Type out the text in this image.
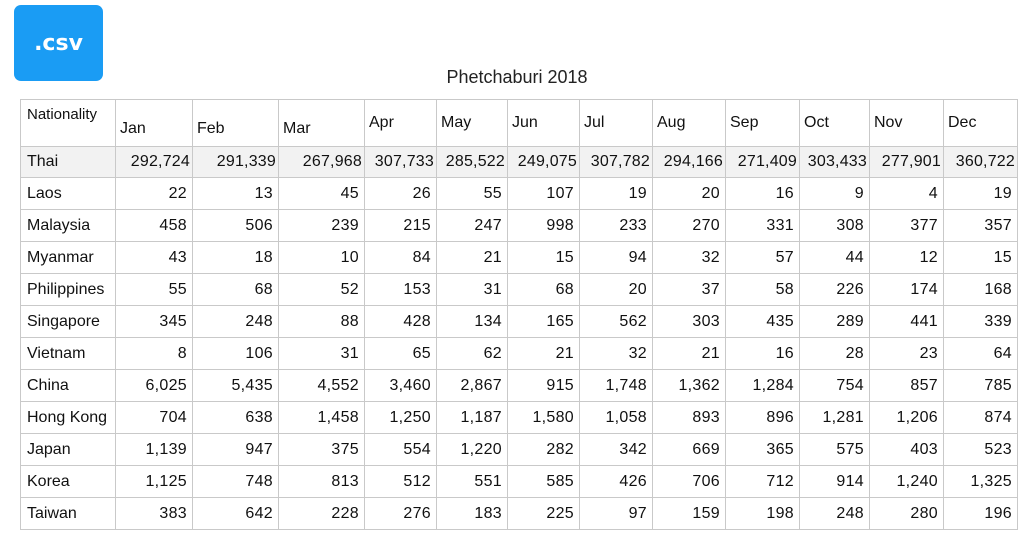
.csv
Phetchaburi 2018
Nationality	Jan	Feb	Mar	Apr	May	Jun	Jul	Aug	Sep	Oct	Nov	Dec
Thai	292,724	291,339	267,968	307,733	285,522	249,075	307,782	294,166	271,409	303,433	277,901	360,722
Laos	22	13	45	26	55	107	19	20	16	9	4	19
Malaysia	458	506	239	215	247	998	233	270	331	308	377	357
Myanmar	43	18	10	84	21	15	94	32	57	44	12	15
Philippines	55	68	52	153	31	68	20	37	58	226	174	168
Singapore	345	248	88	428	134	165	562	303	435	289	441	339
Vietnam	8	106	31	65	62	21	32	21	16	28	23	64
China	6,025	5,435	4,552	3,460	2,867	915	1,748	1,362	1,284	754	857	785
Hong Kong	704	638	1,458	1,250	1,187	1,580	1,058	893	896	1,281	1,206	874
Japan	1,139	947	375	554	1,220	282	342	669	365	575	403	523
Korea	1,125	748	813	512	551	585	426	706	712	914	1,240	1,325
Taiwan	383	642	228	276	183	225	97	159	198	248	280	196
